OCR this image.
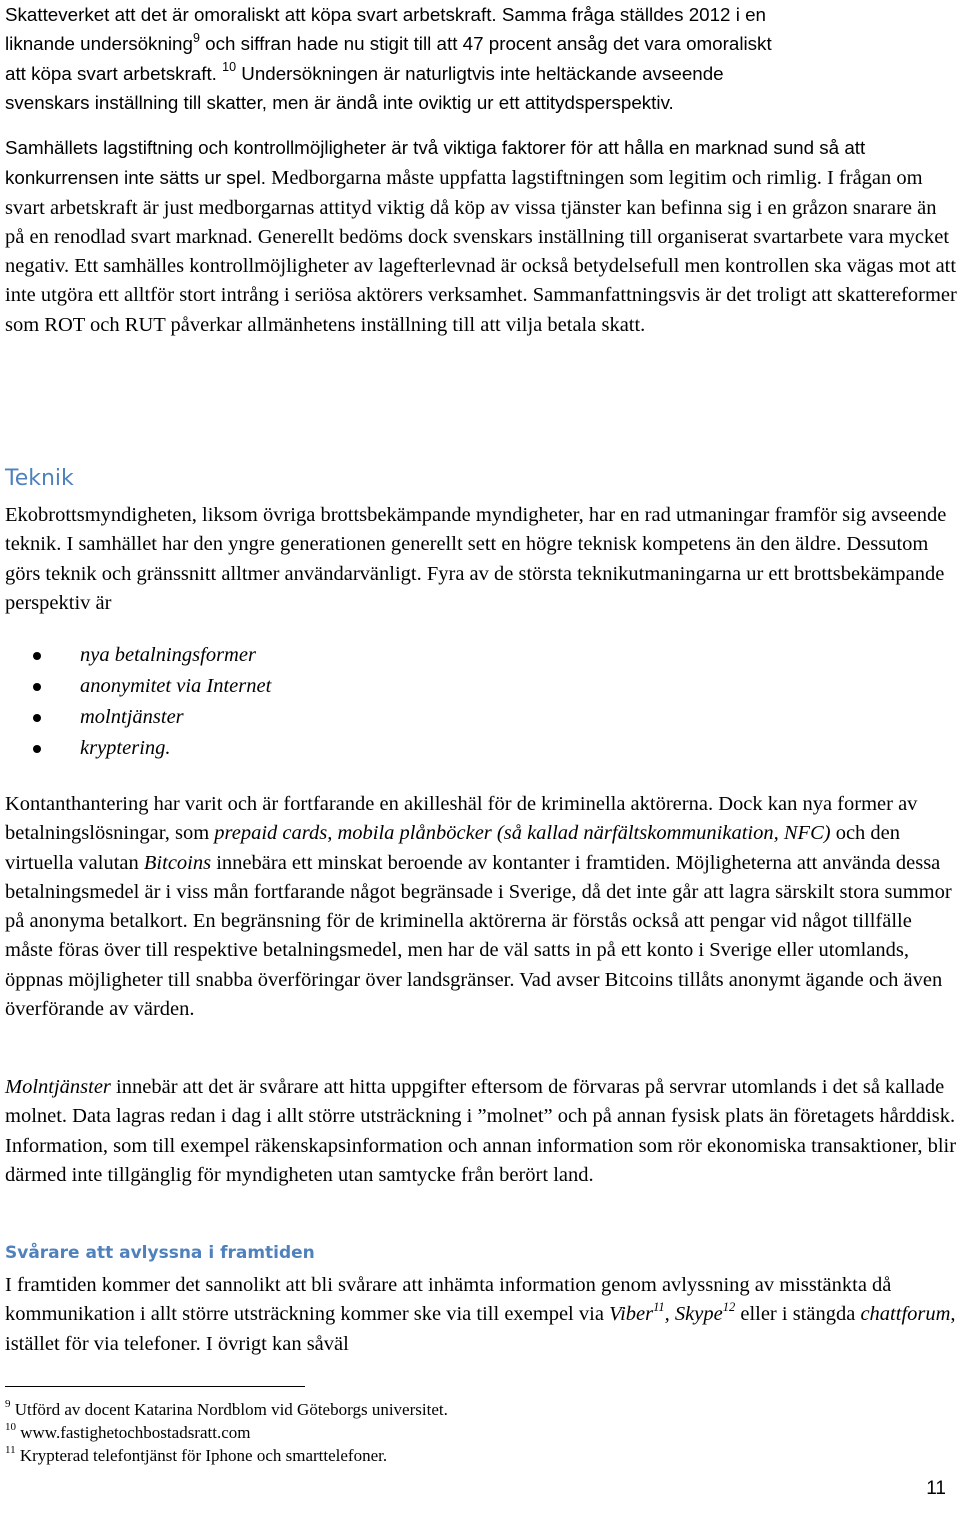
Skatteverket att det är omoraliskt att köpa svart arbetskraft. Samma fråga ställdes 2012 i en

liknande undersökning$^9$ och siffran hade nu stigit till att 47 procent ansåg det vara omoraliskt

att köpa svart arbetskraft. $^{10}$ Undersökningen är naturligtvis inte heltäckande avseende

svenskars inställning till skatter, men är ändå inte oviktig ur ett attitydsperspektiv.

Samhällets lagstiftning och kontrollmöjligheter är två viktiga faktorer för att hålla en marknad sund så att konkurrensen inte sätts ur spel. Medborgarna måste uppfatta lagstiftningen som legitim och rimlig. I frågan om svart arbetskraft är just medborgarnas attityd viktig då köp av vissa tjänster kan befinna sig i en gråzon snarare än på en renodlad svart marknad. Generellt bedöms dock svenskars inställning till organiserat svartarbete vara mycket negativ. Ett samhälles kontrollmöjligheter av lagefterlevnad är också betydelsefull men kontrollen ska vägas mot att inte utgöra ett alltför stort intrång i seriösa aktörers verksamhet. Sammanfattningsvis är det troligt att skattereformer som ROT och RUT påverkar allmänhetens inställning till att vilja betala skatt.

Teknik

Ekobrottsmyndigheten, liksom övriga brottsbekämpande myndigheter, har en rad utmaningar framför sig avseende teknik. I samhället har den yngre generationen generellt sett en högre teknisk kompetens än den äldre. Dessutom görs teknik och gränssnitt alltmer användarvänligt. Fyra av de största teknikutmaningarna ur ett brottsbekämpande perspektiv är

nya betalningsformer
anonymitet via Internet
molntjänster
kryptering.

Kontanthantering har varit och är fortfarande en akilleshäl för de kriminella aktörerna. Dock kan nya former av betalningslösningar, som prepaid cards, mobila plånböcker (så kallad närfältskommunikation, NFC) och den virtuella valutan Bitcoins innebära ett minskat beroende av kontanter i framtiden. Möjligheterna att använda dessa betalningsmedel är i viss mån fortfarande något begränsade i Sverige, då det inte går att lagra särskilt stora summor på anonyma betalkort. En begränsning för de kriminella aktörerna är förstås också att pengar vid något tillfälle måste föras över till respektive betalningsmedel, men har de väl satts in på ett konto i Sverige eller utomlands, öppnas möjligheter till snabba överföringar över landsgränser. Vad avser Bitcoins tillåts anonymt ägande och även överförande av värden.

Molntjänster innebär att det är svårare att hitta uppgifter eftersom de förvaras på servrar utomlands i det så kallade molnet. Data lagras redan i dag i allt större utsträckning i ”molnet” och på annan fysisk plats än företagets hårddisk. Information, som till exempel räkenskapsinformation och annan information som rör ekonomiska transaktioner, blir därmed inte tillgänglig för myndigheten utan samtycke från berört land.

Svårare att avlyssna i framtiden

I framtiden kommer det sannolikt att bli svårare att inhämta information genom avlyssning av misstänkta då kommunikation i allt större utsträckning kommer ske via till exempel via Viber$^{11}$, Skype$^{12}$ eller i stängda chattforum, istället för via telefoner. I övrigt kan såväl

$^9$ Utförd av docent Katarina Nordblom vid Göteborgs universitet.

$^{10}$ www.fastighetochbostadsratt.com

$^{11}$ Krypterad telefontjänst för Iphone och smarttelefoner.

11
